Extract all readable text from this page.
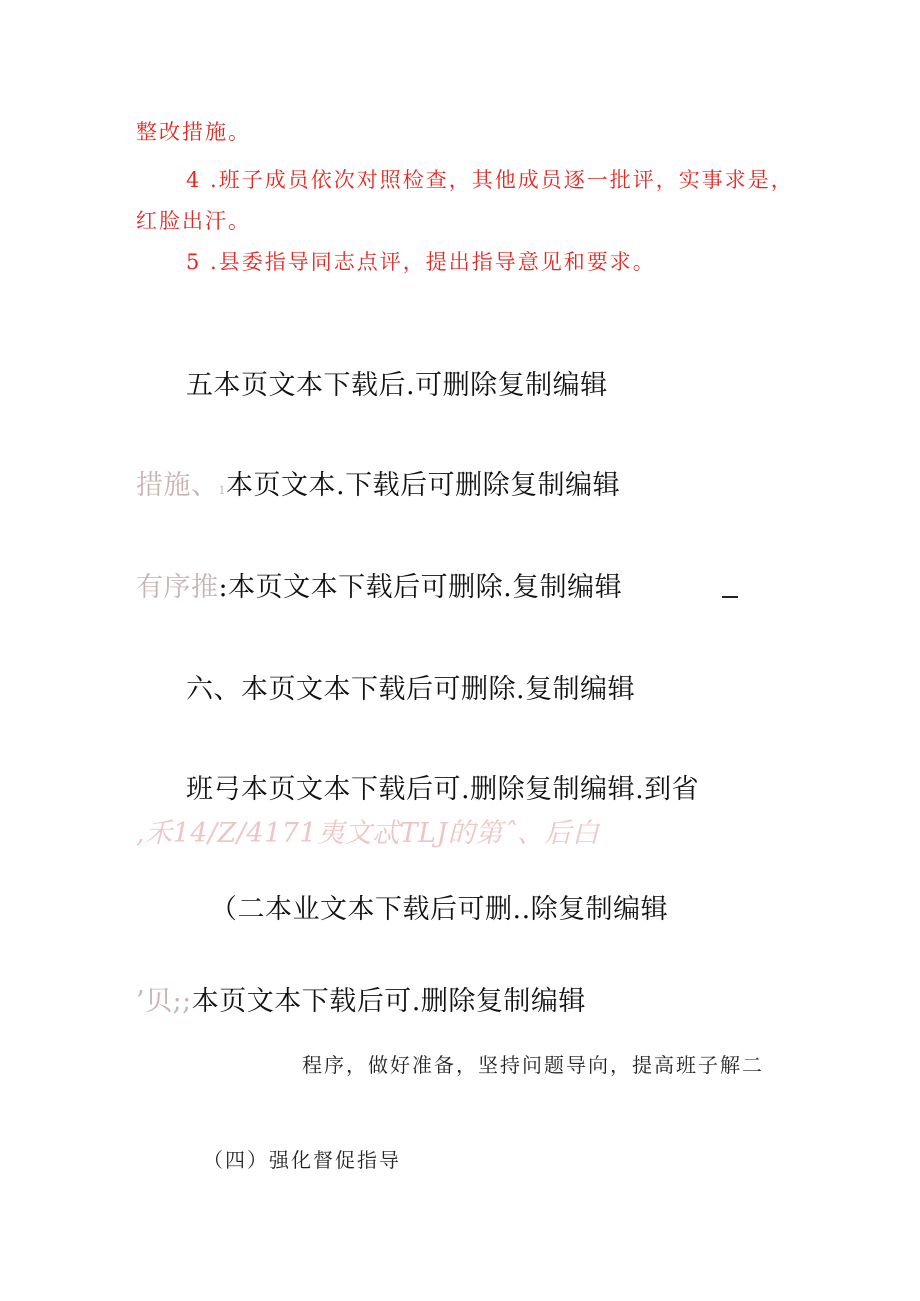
整改措施。
4 .班子成员依次对照检查，其他成员逐一批评，实事求是，
红脸出汗。
5 .县委指导同志点评，提出指导意见和要求。
五本页文本下载后.可删除复制编辑
措施、1本页文本.下载后可删除复制编辑
有序推:本页文本下载后可删除.复制编辑
六、本页文本下载后可删除.复制编辑
班弓本页文本下载后可.删除复制编辑.到省
,禾14/Z/4171夷文忒TLJ的第ˆ、后白
（二本业文本下载后可删..除复制编辑
’贝;;本页文本下载后可.删除复制编辑
程序，做好准备，坚持问题导向，提高班子解二
（四）强化督促指导
